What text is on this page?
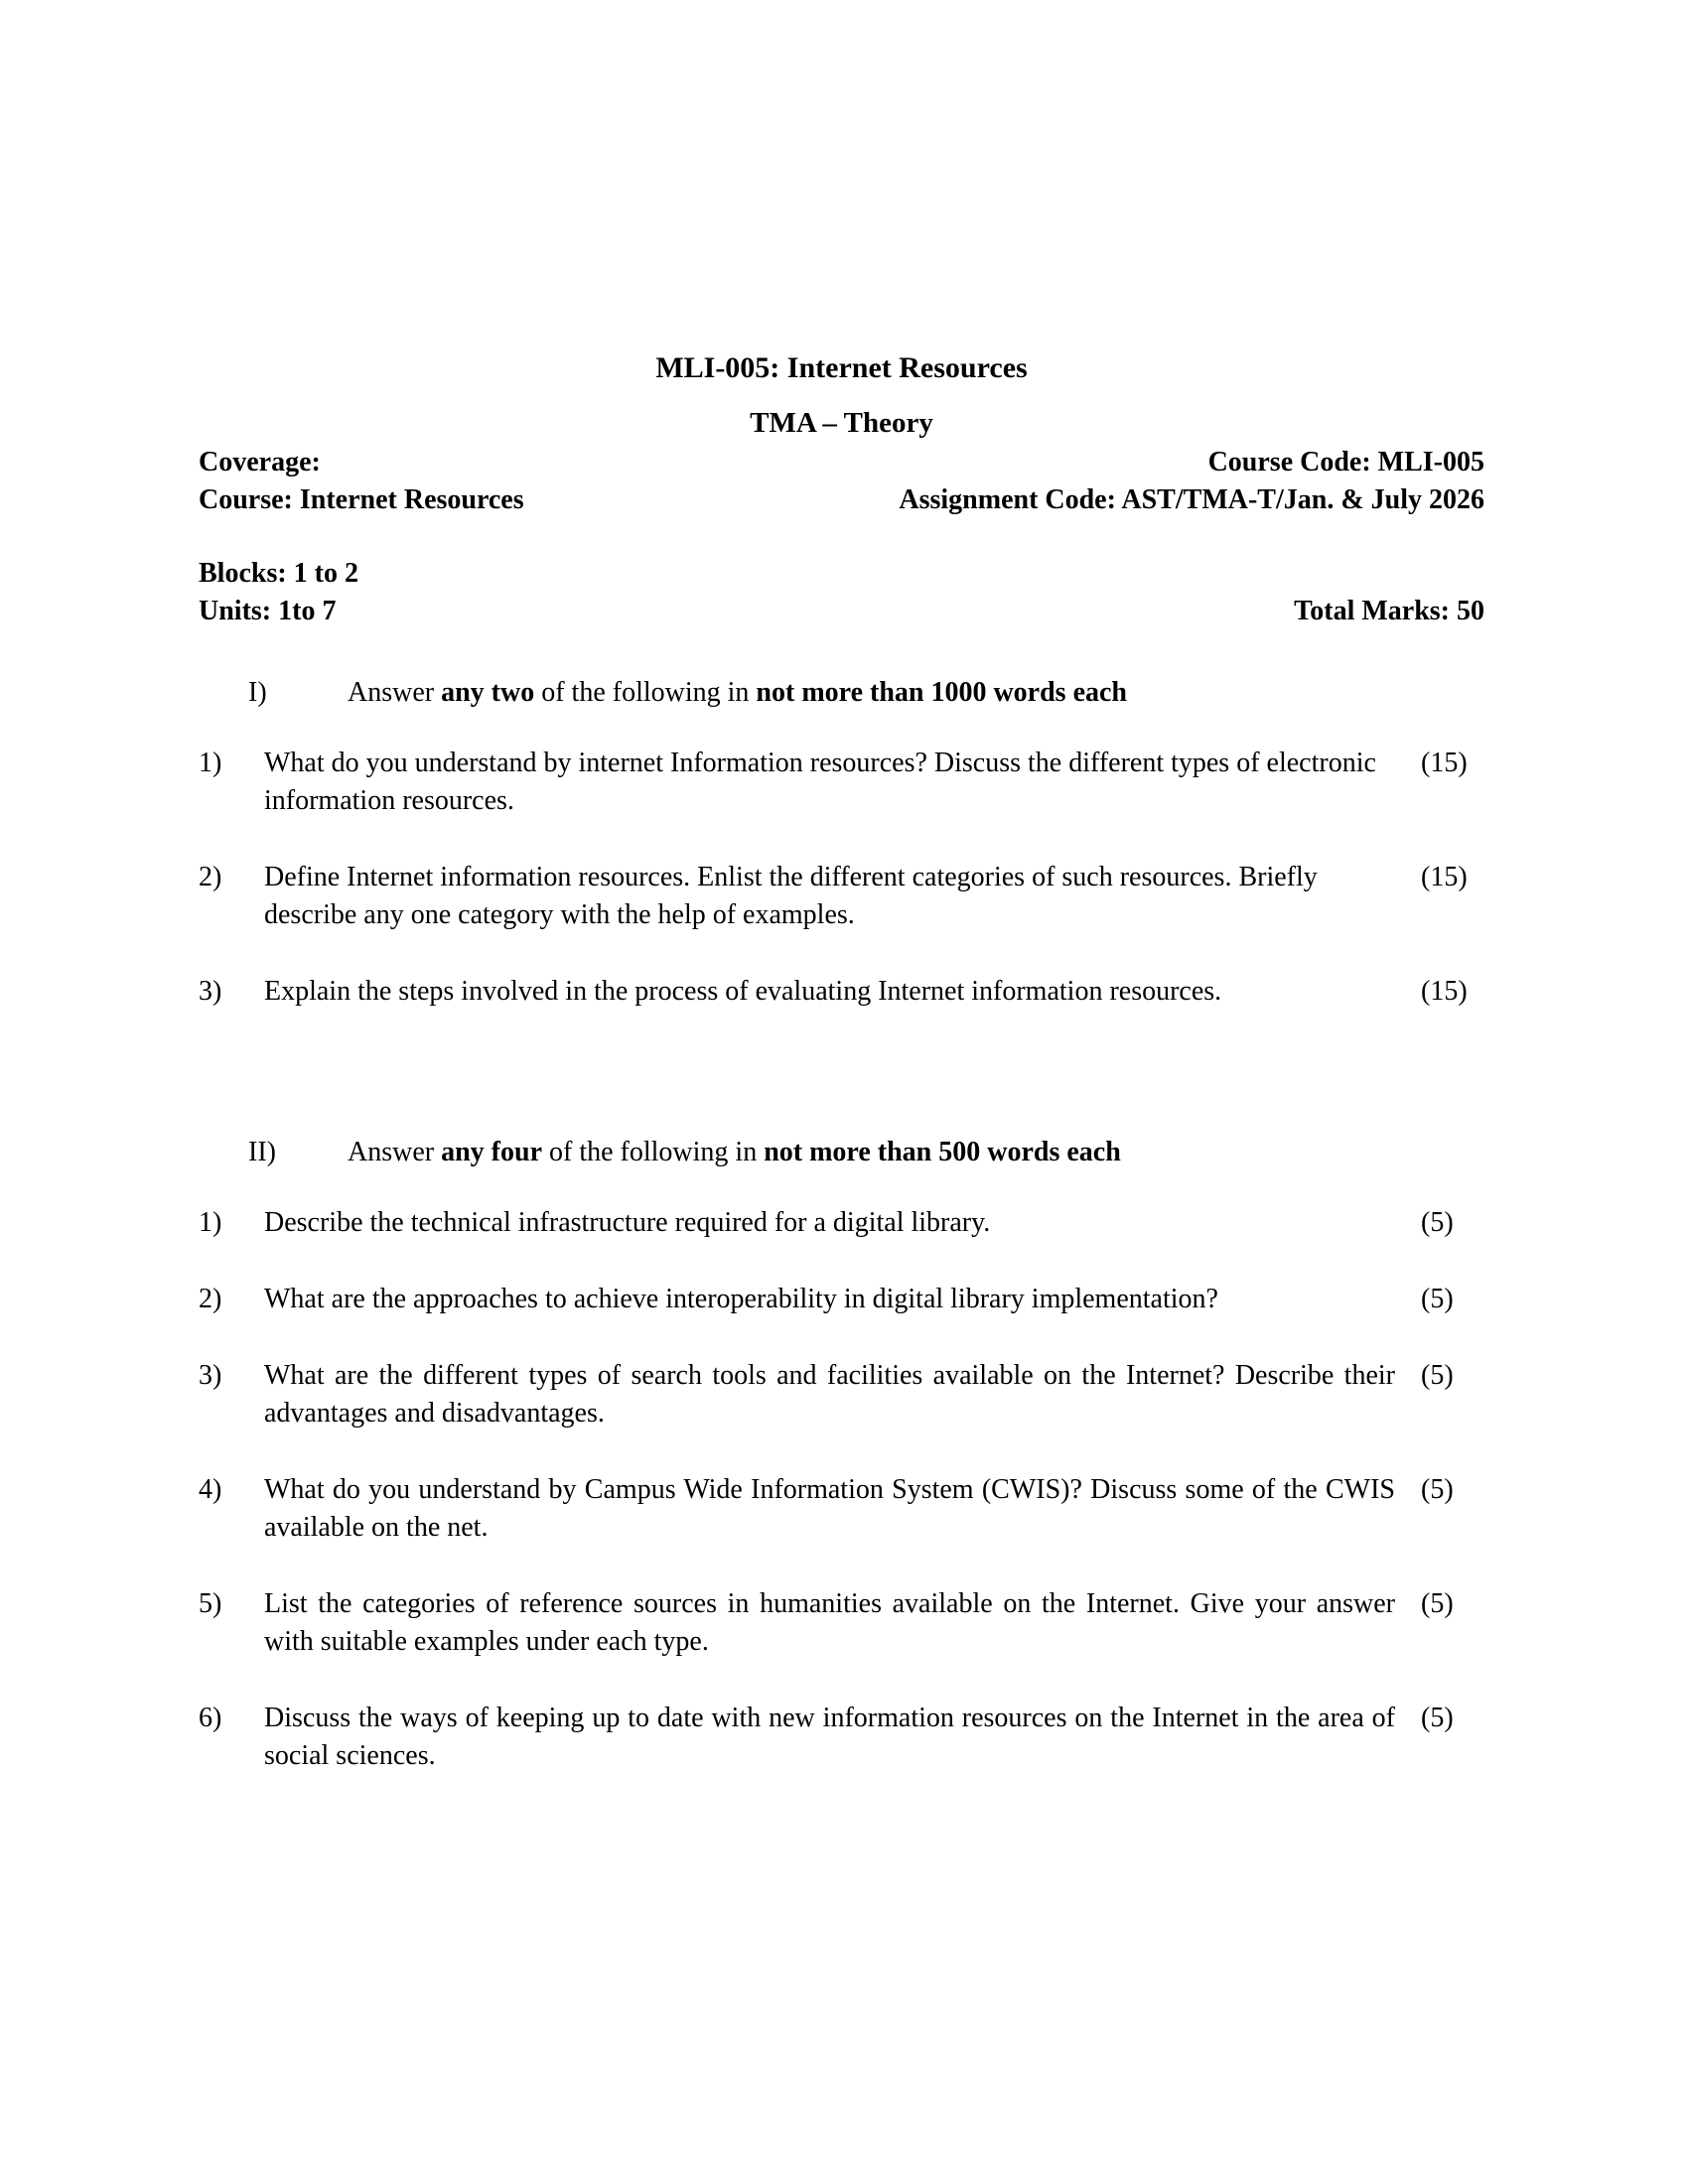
MLI-005: Internet Resources
TMA – Theory
Coverage:	Course Code: MLI-005
Course: Internet Resources	Assignment Code: AST/TMA-T/Jan. & July 2026
Blocks: 1 to 2
Units: 1to 7	Total Marks: 50
I)	Answer any two of the following in not more than 1000 words each
1)	What do you understand by internet Information resources? Discuss the different types of electronic information resources.
(15)
2)	Define Internet information resources. Enlist the different categories of such resources. Briefly describe any one category with the help of examples.
(15)
3)	Explain the steps involved in the process of evaluating Internet information resources.	(15)
II)	Answer any four of the following in not more than 500 words each
1)	Describe the technical infrastructure required for a digital library.	(5)
2)	What are the approaches to achieve interoperability in digital library implementation?	(5)
3)	What are the different types of search tools and facilities available on the Internet? Describe their advantages and disadvantages.
(5)
4)	What do you understand by Campus Wide Information System (CWIS)? Discuss some of the CWIS available on the net.
(5)
5)	List the categories of reference sources in humanities available on the Internet. Give your answer with suitable examples under each type.
(5)
6)	Discuss the ways of keeping up to date with new information resources on the Internet in the area of social sciences.
(5)
